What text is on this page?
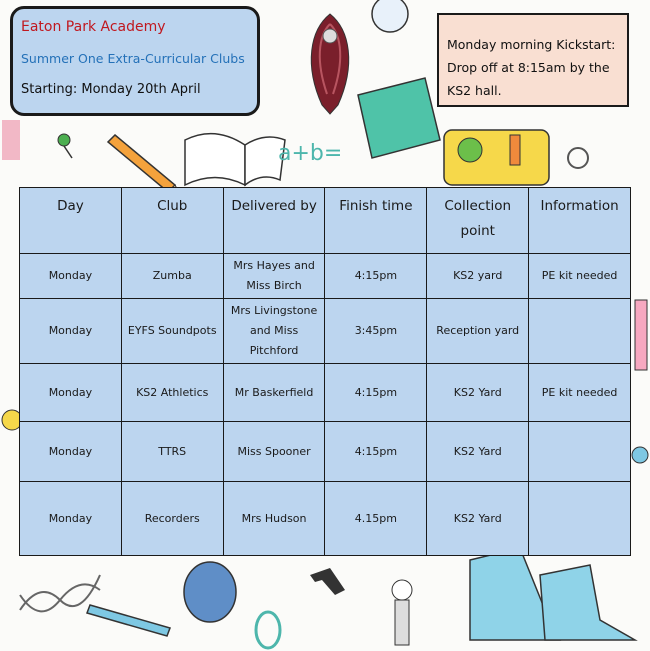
a+b=
Eaton Park Academy
Summer One Extra-Curricular Clubs
Starting: Monday 20th April
Monday morning Kickstart: Drop off at 8:15am by the KS2 hall.
Day	Club	Delivered by	Finish time	Collection point	Information
Monday	Zumba	Mrs Hayes and Miss Birch	4:15pm	KS2 yard	PE kit needed
Monday	EYFS Soundpots	Mrs Livingstone and Miss Pitchford	3:45pm	Reception yard	
Monday	KS2 Athletics	Mr Baskerfield	4:15pm	KS2 Yard	PE kit needed
Monday	TTRS	Miss Spooner	4:15pm	KS2 Yard	
Monday	Recorders	Mrs Hudson	4.15pm	KS2 Yard	
